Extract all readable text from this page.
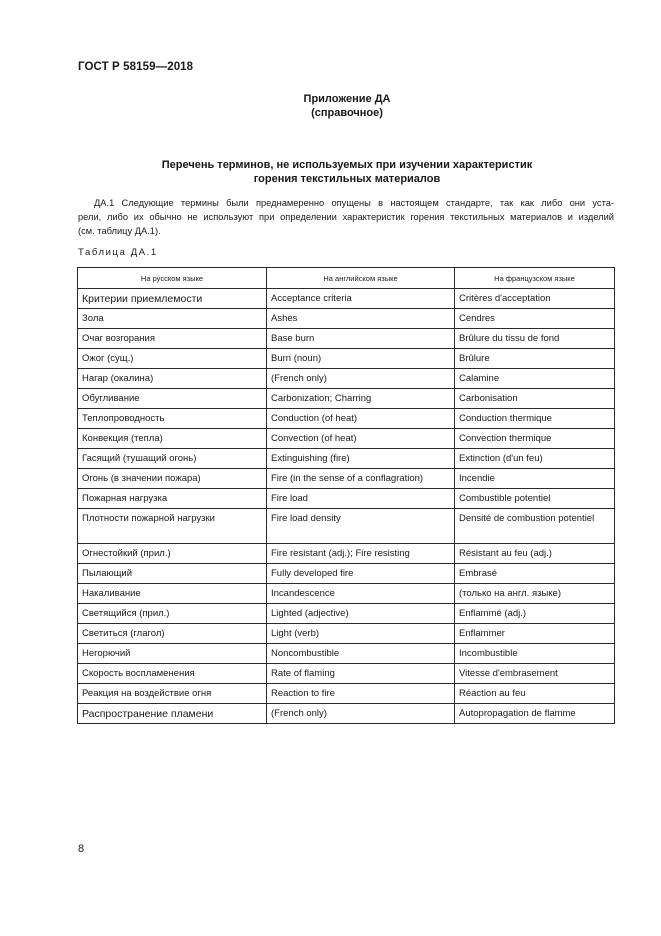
ГОСТ Р 58159—2018
Приложение ДА
(справочное)
Перечень терминов, не используемых при изучении характеристик
горения текстильных материалов
ДА.1 Следующие термины были преднамеренно опущены в настоящем стандарте, так как либо они уста-
рели, либо их обычно не используют при определении характеристик горения текстильных материалов и изделий
(см. таблицу ДА.1).
Таблица ДА.1
На русском языке	На английском языке	На французском языке
Критерии приемлемости	Acceptance criteria	Critères d'acceptation
Зола	Ashes	Cendres
Очаг возгорания	Base burn	Brûlure du tissu de fond
Ожог (сущ.)	Burn (noun)	Brûlure
Нагар (окалина)	(French only)	Calamine
Обугливание	Carbonization; Charring	Carbonisation
Теплопроводность	Conduction (of heat)	Conduction thermique
Конвекция (тепла)	Convection (of heat)	Convection thermique
Гасящий (тушащий огонь)	Extinguishing (fire)	Extinction (d'un feu)
Огонь (в значении пожара)	Fire (in the sense of a conflagration)	Incendie
Пожарная нагрузка	Fire load	Combustible potentiel
Плотности пожарной нагрузки	Fire load density	Densité de combustion potentiel
Огнестойкий (прил.)	Fire resistant (adj.); Fire resisting	Résistant au feu (adj.)
Пылающий	Fully developed fire	Embrasé
Накаливание	Incandescence	(только на англ. языке)
Светящийся (прил.)	Lighted (adjective)	Enflammé (adj.)
Светиться (глагол)	Light (verb)	Enflammer
Негорючий	Noncombustible	Incombustible
Скорость воспламенения	Rate of flaming	Vitesse d'embrasement
Реакция на воздействие огня	Reaction to fire	Réaction au feu
Распространение пламени	(French only)	Autopropagation de flamme
8
